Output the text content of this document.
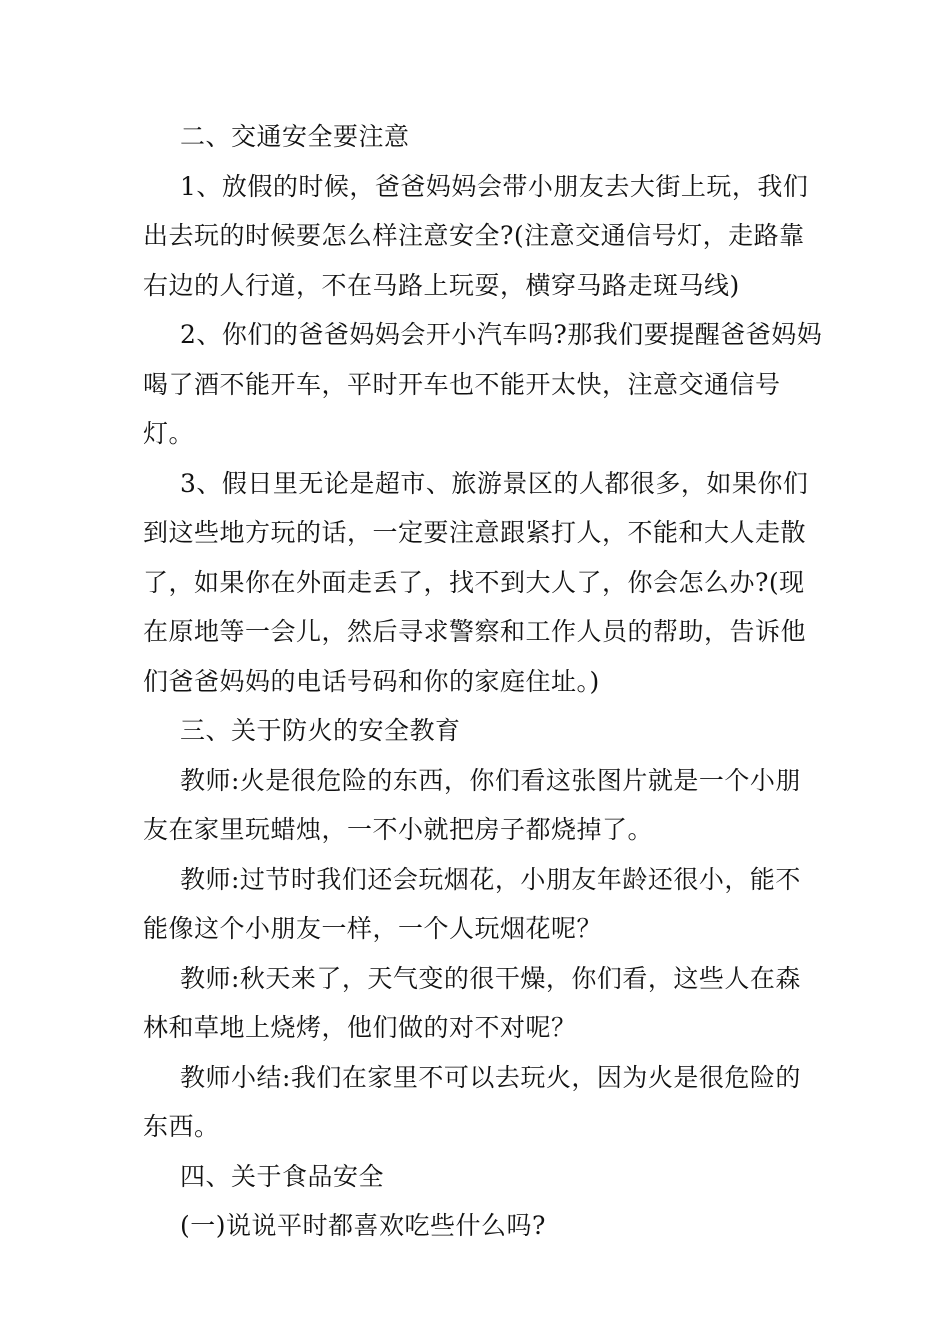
二、交通安全要注意

1、放假的时候，爸爸妈妈会带小朋友去大街上玩，我们出去玩的时候要怎么样注意安全?(注意交通信号灯，走路靠右边的人行道，不在马路上玩耍，横穿马路走斑马线)

2、你们的爸爸妈妈会开小汽车吗?那我们要提醒爸爸妈妈喝了酒不能开车，平时开车也不能开太快，注意交通信号灯。

3、假日里无论是超市、旅游景区的人都很多，如果你们到这些地方玩的话，一定要注意跟紧打人，不能和大人走散了，如果你在外面走丢了，找不到大人了，你会怎么办?(现在原地等一会儿，然后寻求警察和工作人员的帮助，告诉他们爸爸妈妈的电话号码和你的家庭住址。)

三、关于防火的安全教育

教师:火是很危险的东西，你们看这张图片就是一个小朋友在家里玩蜡烛，一不小就把房子都烧掉了。

教师:过节时我们还会玩烟花，小朋友年龄还很小，能不能像这个小朋友一样，一个人玩烟花呢？

教师:秋天来了，天气变的很干燥，你们看，这些人在森林和草地上烧烤，他们做的对不对呢？

教师小结:我们在家里不可以去玩火，因为火是很危险的东西。

四、关于食品安全

(一)说说平时都喜欢吃些什么吗?
